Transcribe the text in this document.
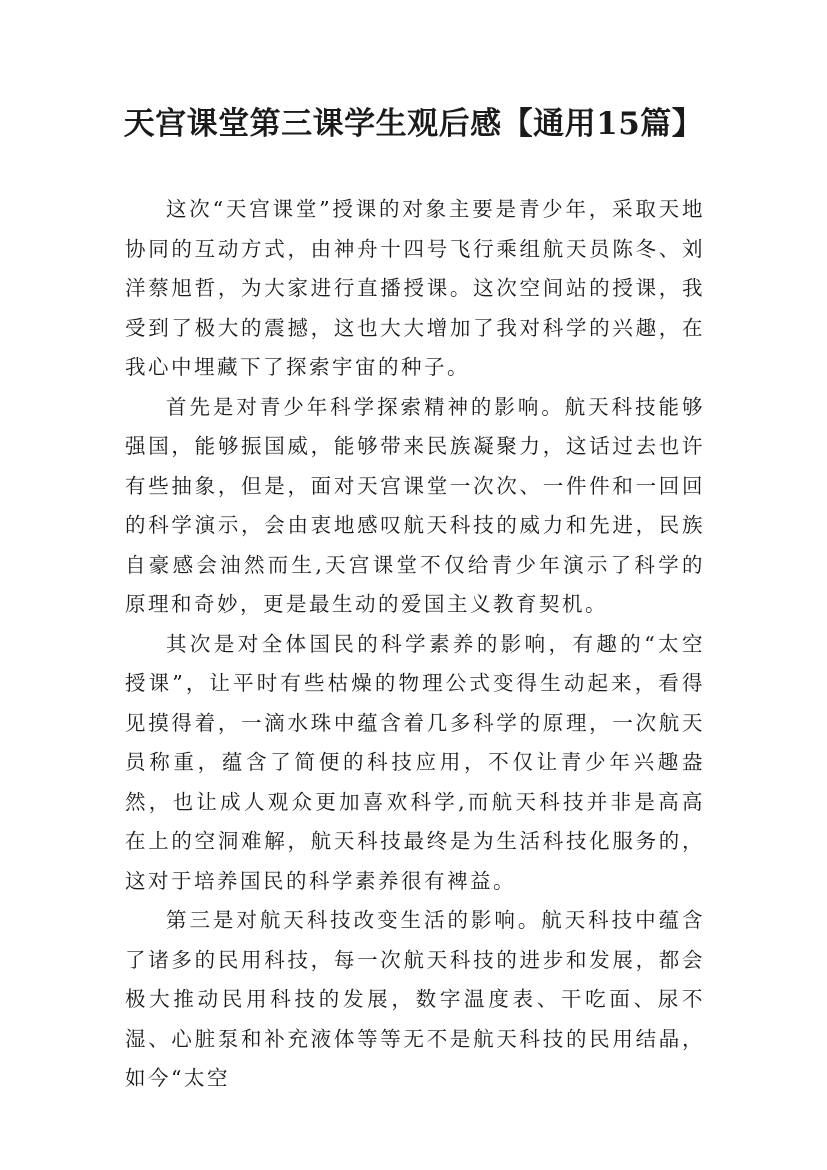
天宫课堂第三课学生观后感【通用15篇】

这次“天宫课堂”授课的对象主要是青少年，采取天地协同的互动方式，由神舟十四号飞行乘组航天员陈冬、刘洋蔡旭哲，为大家进行直播授课。这次空间站的授课，我受到了极大的震撼，这也大大增加了我对科学的兴趣，在我心中埋藏下了探索宇宙的种子。

首先是对青少年科学探索精神的影响。航天科技能够强国，能够振国威，能够带来民族凝聚力，这话过去也许有些抽象，但是，面对天宫课堂一次次、一件件和一回回的科学演示，会由衷地感叹航天科技的威力和先进，民族自豪感会油然而生,天宫课堂不仅给青少年演示了科学的原理和奇妙，更是最生动的爱国主义教育契机。

其次是对全体国民的科学素养的影响，有趣的“太空授课”，让平时有些枯燥的物理公式变得生动起来，看得见摸得着，一滴水珠中蕴含着几多科学的原理，一次航天员称重，蕴含了简便的科技应用，不仅让青少年兴趣盎然，也让成人观众更加喜欢科学,而航天科技并非是高高在上的空洞难解，航天科技最终是为生活科技化服务的，这对于培养国民的科学素养很有裨益。

第三是对航天科技改变生活的影响。航天科技中蕴含了诸多的民用科技，每一次航天科技的进步和发展，都会极大推动民用科技的发展，数字温度表、干吃面、尿不湿、心脏泵和补充液体等等无不是航天科技的民用结晶，如今“太空
